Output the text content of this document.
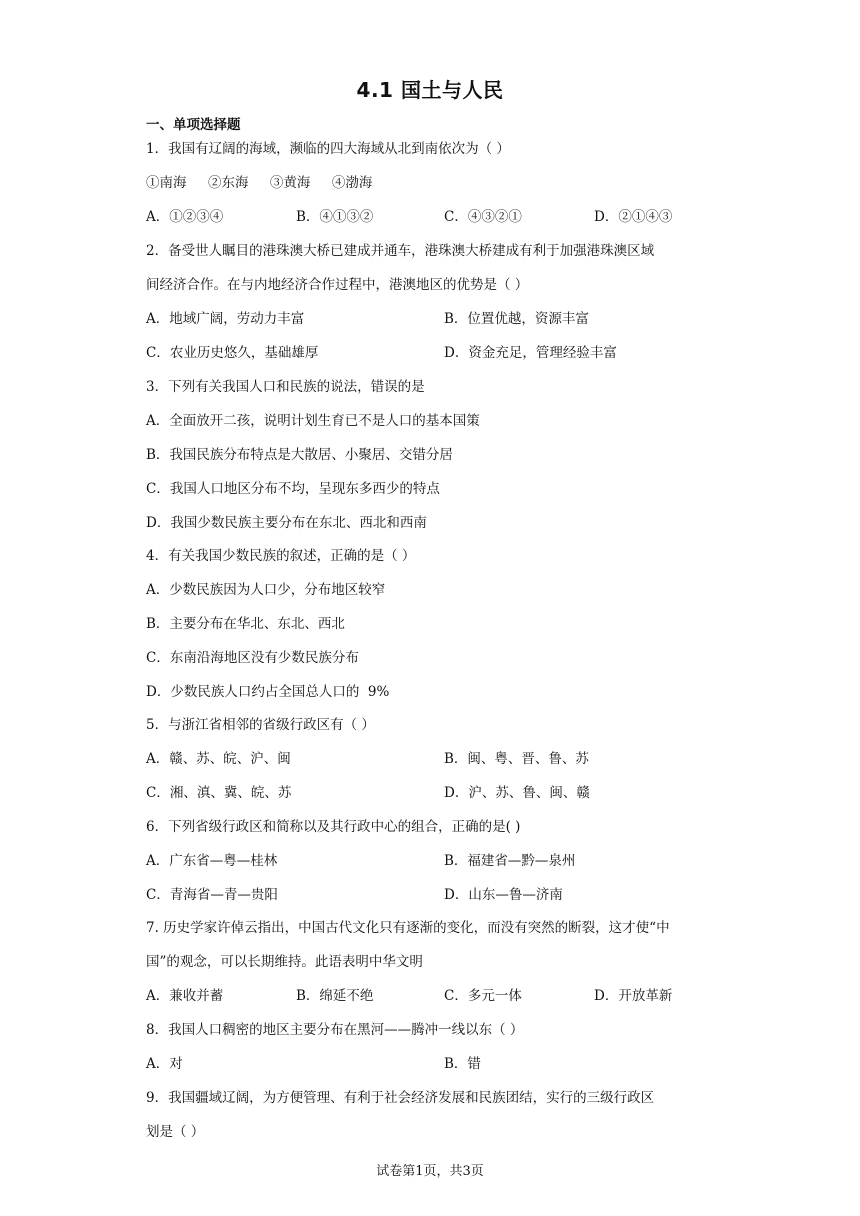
4.1 国土与人民
一、单项选择题
1．我国有辽阔的海域，濒临的四大海域从北到南依次为（ ）
①南海     ②东海     ③黄海     ④渤海
A．①②③④	B．④①③②	C．④③②①	D．②①④③
2．备受世人瞩目的港珠澳大桥已建成并通车，港珠澳大桥建成有利于加强港珠澳区域
间经济合作。在与内地经济合作过程中，港澳地区的优势是（ ）
A．地域广阔，劳动力丰富	B．位置优越，资源丰富
C．农业历史悠久，基础雄厚	D．资金充足，管理经验丰富
3．下列有关我国人口和民族的说法，错误的是
A．全面放开二孩，说明计划生育已不是人口的基本国策
B．我国民族分布特点是大散居、小聚居、交错分居
C．我国人口地区分布不均，呈现东多西少的特点
D．我国少数民族主要分布在东北、西北和西南
4．有关我国少数民族的叙述，正确的是（ ）
A．少数民族因为人口少，分布地区较窄
B．主要分布在华北、东北、西北
C．东南沿海地区没有少数民族分布
D．少数民族人口约占全国总人口的  9%
5．与浙江省相邻的省级行政区有（ ）
A．赣、苏、皖、沪、闽	B．闽、粤、晋、鲁、苏
C．湘、滇、冀、皖、苏	D．沪、苏、鲁、闽、赣
6．下列省级行政区和简称以及其行政中心的组合，正确的是( )
A．广东省—粤—桂林	B．福建省—黔—泉州
C．青海省—青—贵阳	D．山东—鲁—济南
7. 历史学家许倬云指出，中国古代文化只有逐渐的变化，而没有突然的断裂，这才使“中
国”的观念，可以长期维持。此语表明中华文明
A．兼收并蓄	B．绵延不绝	C．多元一体	D．开放革新
8．我国人口稠密的地区主要分布在黑河——腾冲一线以东（ ）
A．对	B．错
9．我国疆域辽阔，为方便管理、有利于社会经济发展和民族团结，实行的三级行政区
划是（ ）
试卷第1页，共3页
